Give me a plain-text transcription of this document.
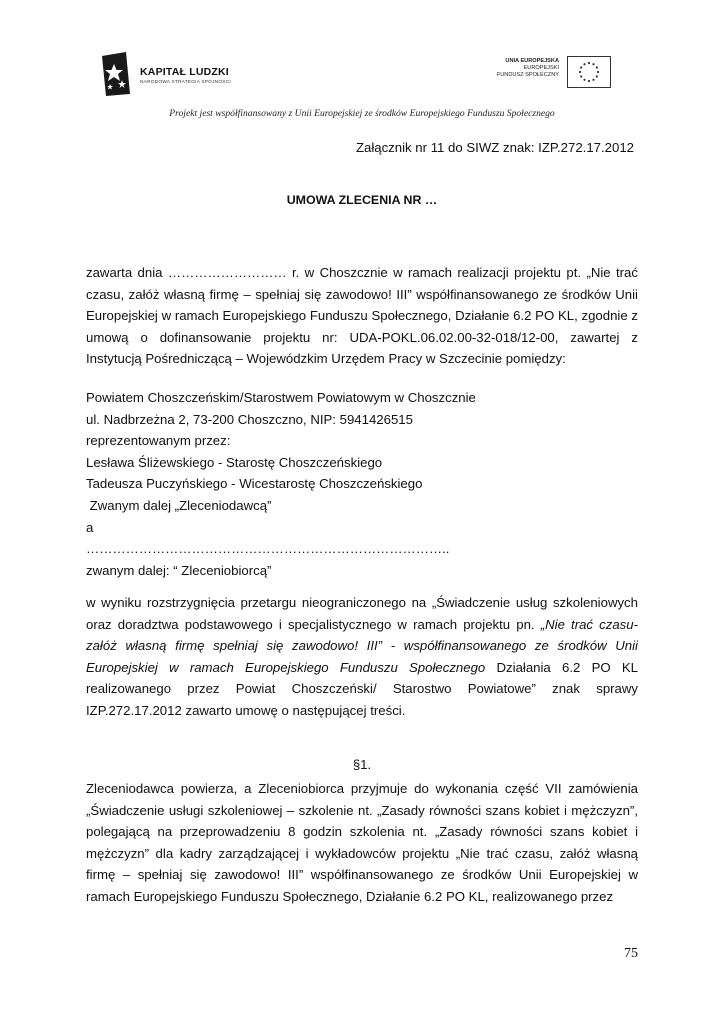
KAPITAŁ LUDZKI
NARODOWA STRATEGIA SPÓJNOŚCI
UNIA EUROPEJSKA
EUROPEJSKI
FUNDUSZ SPOŁECZNY
Projekt jest współfinansowany z Unii Europejskiej ze środków Europejskiego Funduszu Społecznego
Załącznik nr 11 do SIWZ znak: IZP.272.17.2012
UMOWA ZLECENIA NR …
zawarta dnia ……………………… r. w Choszcznie w ramach realizacji projektu pt. „Nie trać czasu, załóż własną firmę – spełniaj się zawodowo! III” współfinansowanego ze środków Unii Europejskiej w ramach Europejskiego Funduszu Społecznego, Działanie 6.2 PO KL, zgodnie z umową o dofinansowanie projektu nr: UDA-POKL.06.02.00-32-018/12-00, zawartej z Instytucją Pośredniczącą – Wojewódzkim Urzędem Pracy w Szczecinie pomiędzy:
Powiatem Choszczeńskim/Starostwem Powiatowym w Choszcznie
ul. Nadbrzeżna 2, 73-200 Choszczno, NIP: 5941426515
reprezentowanym przez:
Lesława Śliżewskiego - Starostę Choszczeńskiego
Tadeusza Puczyńskiego - Wicestarostę Choszczeńskiego
Zwanym dalej „Zleceniodawcą”
a
………………………………………………………………………..
zwanym dalej: “ Zleceniobiorcą”
w wyniku rozstrzygnięcia przetargu nieograniczonego na „Świadczenie usług szkoleniowych oraz doradztwa podstawowego i specjalistycznego w ramach projektu pn. „Nie trać czasu- załóż własną firmę spełniaj się zawodowo! III” - współfinansowanego ze środków Unii Europejskiej w ramach Europejskiego Funduszu Społecznego Działania 6.2 PO KL realizowanego przez Powiat Choszczeński/ Starostwo Powiatowe” znak sprawy IZP.272.17.2012 zawarto umowę o następującej treści.
§1.
Zleceniodawca powierza, a Zleceniobiorca przyjmuje do wykonania część VII zamówienia „Świadczenie usługi szkoleniowej – szkolenie nt. „Zasady równości szans kobiet i mężczyzn”, polegającą na przeprowadzeniu 8 godzin szkolenia nt. „Zasady równości szans kobiet i mężczyzn” dla kadry zarządzającej i wykładowców projektu „Nie trać czasu, załóż własną firmę – spełniaj się zawodowo! III” współfinansowanego ze środków Unii Europejskiej w ramach Europejskiego Funduszu Społecznego, Działanie 6.2 PO KL, realizowanego przez
75
